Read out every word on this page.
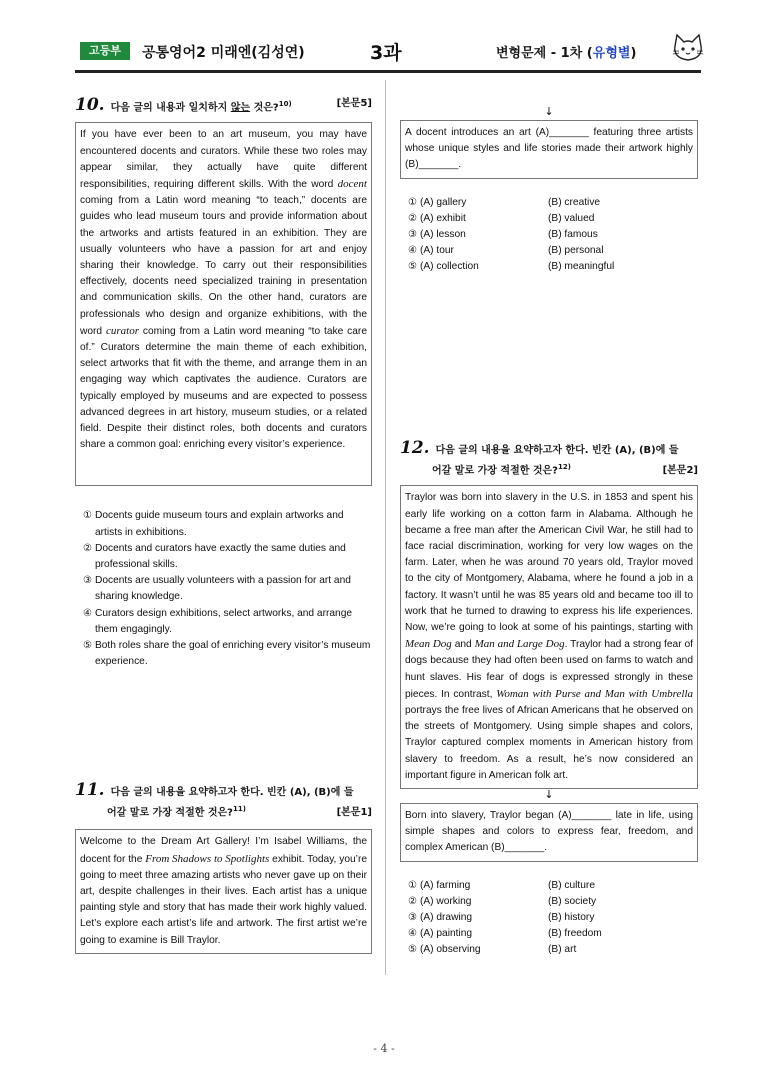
고등부	공통영어2 미래엔(김성연)	3과	변형문제 - 1차 (유형별)
10. 다음 글의 내용과 일치하지 않는 것은?$^{10)}$	[본문5]
If you have ever been to an art museum, you may have encountered docents and curators. While these two roles may appear similar, they actually have quite different responsibilities, requiring different skills. With the word docent coming from a Latin word meaning “to teach,” docents are guides who lead museum tours and provide information about the artworks and artists featured in an exhibition. They are usually volunteers who have a passion for art and enjoy sharing their knowledge. To carry out their responsibilities effectively, docents need specialized training in presentation and communication skills. On the other hand, curators are professionals who design and organize exhibitions, with the word curator coming from a Latin word meaning “to take care of.” Curators determine the main theme of each exhibition, select artworks that fit with the theme, and arrange them in an engaging way which captivates the audience. Curators are typically employed by museums and are expected to possess advanced degrees in art history, museum studies, or a related field. Despite their distinct roles, both docents and curators share a common goal: enriching every visitor’s experience.
① Docents guide museum tours and explain artworks and artists in exhibitions.
② Docents and curators have exactly the same duties and professional skills.
③ Docents are usually volunteers with a passion for art and sharing knowledge.
④ Curators design exhibitions, select artworks, and arrange them engagingly.
⑤ Both roles share the goal of enriching every visitor’s museum experience.
11. 다음 글의 내용을 요약하고자 한다. 빈칸 (A), (B)에 들
어갈 말로 가장 적절한 것은?$^{11)}$	[본문1]
Welcome to the Dream Art Gallery! I’m Isabel Williams, the docent for the From Shadows to Spotlights exhibit. Today, you’re going to meet three amazing artists who never gave up on their art, despite challenges in their lives. Each artist has a unique painting style and story that has made their work highly valued. Let’s explore each artist’s life and artwork. The first artist we’re going to examine is Bill Traylor.
↓
A docent introduces an art (A)_______ featuring three artists whose unique styles and life stories made their artwork highly (B)_______.
① (A) gallery	(B) creative
② (A) exhibit	(B) valued
③ (A) lesson	(B) famous
④ (A) tour	(B) personal
⑤ (A) collection	(B) meaningful
12. 다음 글의 내용을 요약하고자 한다. 빈칸 (A), (B)에 들
어갈 말로 가장 적절한 것은?$^{12)}$	[본문2]
Traylor was born into slavery in the U.S. in 1853 and spent his early life working on a cotton farm in Alabama. Although he became a free man after the American Civil War, he still had to face racial discrimination, working for very low wages on the farm. Later, when he was around 70 years old, Traylor moved to the city of Montgomery, Alabama, where he found a job in a factory. It wasn’t until he was 85 years old and became too ill to work that he turned to drawing to express his life experiences. Now, we’re going to look at some of his paintings, starting with Mean Dog and Man and Large Dog. Traylor had a strong fear of dogs because they had often been used on farms to watch and hunt slaves. His fear of dogs is expressed strongly in these pieces. In contrast, Woman with Purse and Man with Umbrella portrays the free lives of African Americans that he observed on the streets of Montgomery. Using simple shapes and colors, Traylor captured complex moments in American history from slavery to freedom. As a result, he’s now considered an important figure in American folk art.
↓
Born into slavery, Traylor began (A)_______ late in life, using simple shapes and colors to express fear, freedom, and complex American (B)_______.
① (A) farming	(B) culture
② (A) working	(B) society
③ (A) drawing	(B) history
④ (A) painting	(B) freedom
⑤ (A) observing	(B) art
- 4 -
